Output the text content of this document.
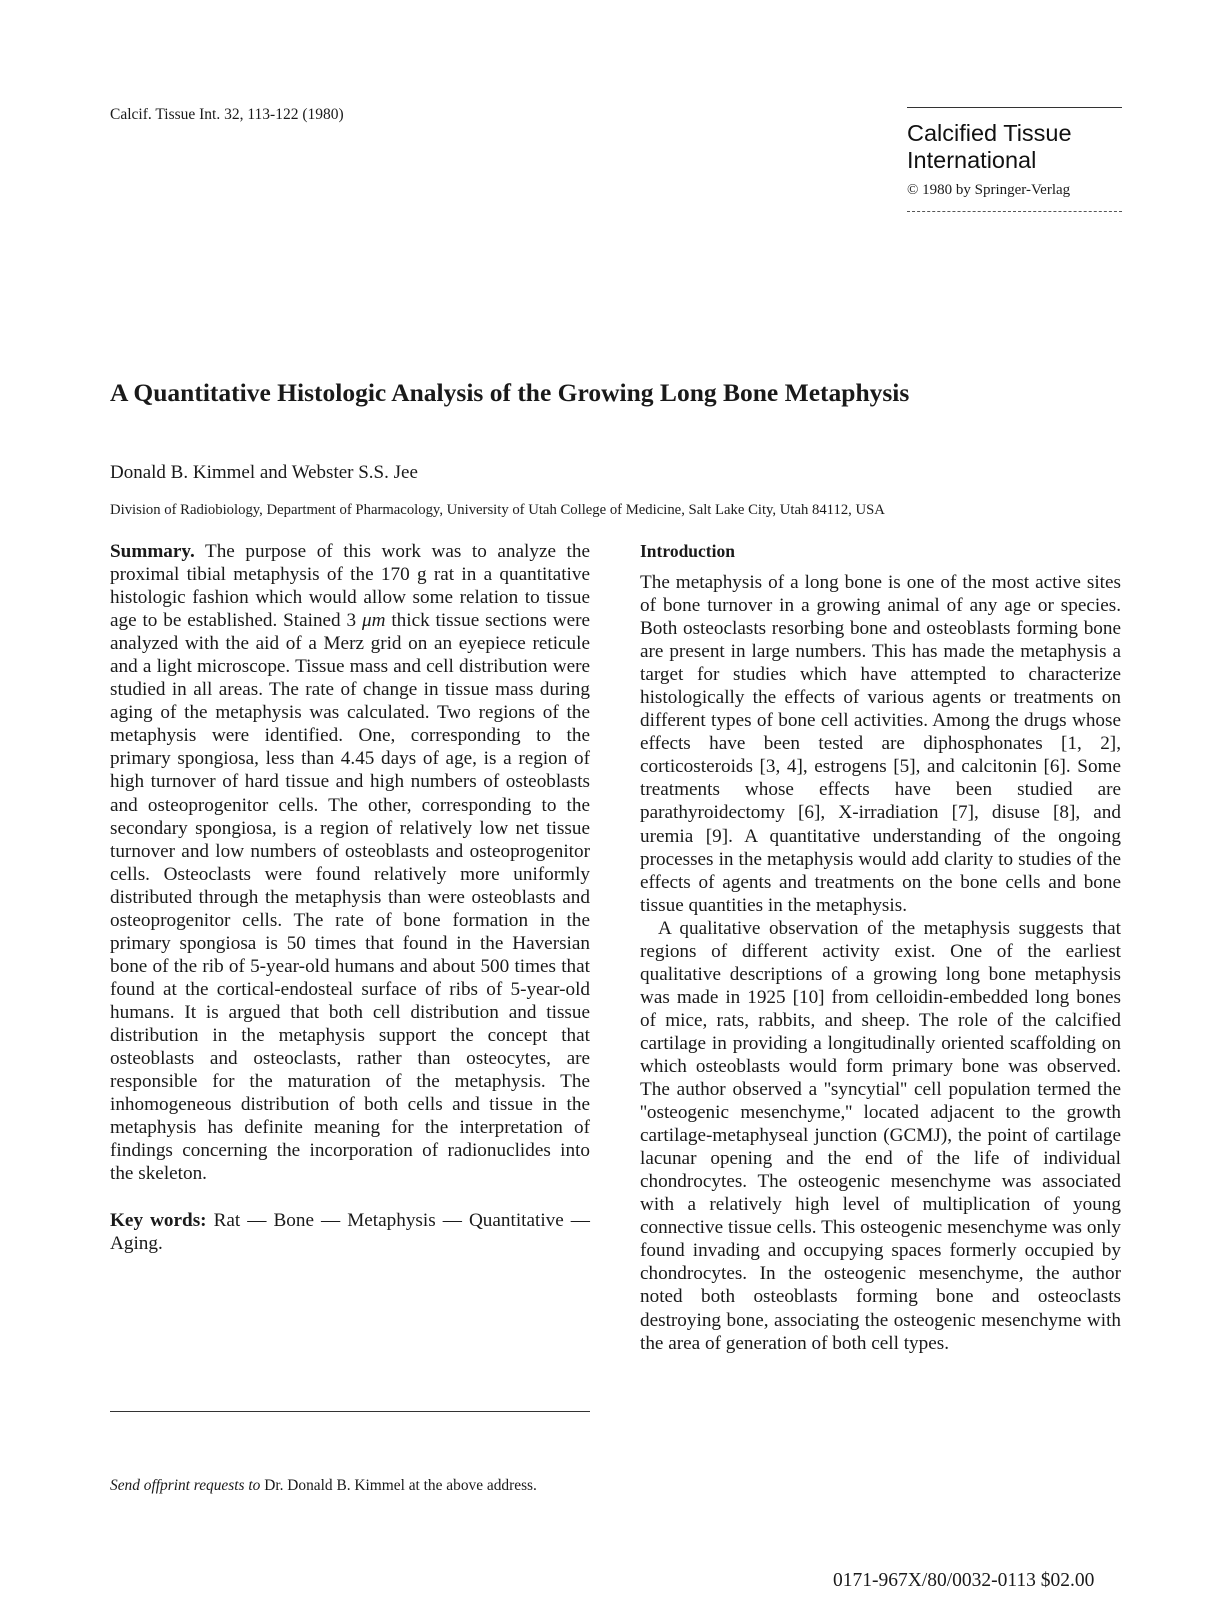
Calcif. Tissue Int. 32, 113-122 (1980)
Calcified Tissue
International
© 1980 by Springer-Verlag
A Quantitative Histologic Analysis of the Growing Long Bone Metaphysis
Donald B. Kimmel and Webster S.S. Jee
Division of Radiobiology, Department of Pharmacology, University of Utah College of Medicine, Salt Lake City, Utah 84112, USA

Summary. The purpose of this work was to analyze the proximal tibial metaphysis of the 170 g rat in a quantitative histologic fashion which would allow some relation to tissue age to be established. Stained 3 μm thick tissue sections were analyzed with the aid of a Merz grid on an eyepiece reticule and a light microscope. Tissue mass and cell distribution were studied in all areas. The rate of change in tissue mass during aging of the metaphysis was calculated. Two regions of the metaphysis were identified. One, corresponding to the primary spongiosa, less than 4.45 days of age, is a region of high turnover of hard tissue and high numbers of osteoblasts and osteoprogenitor cells. The other, corresponding to the secondary spongiosa, is a region of relatively low net tissue turnover and low numbers of osteoblasts and osteoprogenitor cells. Osteoclasts were found relatively more uniformly distributed through the metaphysis than were osteoblasts and osteoprogenitor cells. The rate of bone formation in the primary spongiosa is 50 times that found in the Haversian bone of the rib of 5-year-old humans and about 500 times that found at the cortical-endosteal surface of ribs of 5-year-old humans. It is argued that both cell distribution and tissue distribution in the metaphysis support the concept that osteoblasts and osteoclasts, rather than osteocytes, are responsible for the maturation of the metaphysis. The inhomogeneous distribution of both cells and tissue in the metaphysis has definite meaning for the interpretation of findings concerning the incorporation of radionuclides into the skeleton.

Key words: Rat — Bone — Metaphysis — Quantitative — Aging.

Send offprint requests to Dr. Donald B. Kimmel at the above address.
Introduction

The metaphysis of a long bone is one of the most active sites of bone turnover in a growing animal of any age or species. Both osteoclasts resorbing bone and osteoblasts forming bone are present in large numbers. This has made the metaphysis a target for studies which have attempted to characterize histologically the effects of various agents or treatments on different types of bone cell activities. Among the drugs whose effects have been tested are diphosphonates [1, 2], corticosteroids [3, 4], estrogens [5], and calcitonin [6]. Some treatments whose effects have been studied are parathyroidectomy [6], X-irradiation [7], disuse [8], and uremia [9]. A quantitative understanding of the ongoing processes in the metaphysis would add clarity to studies of the effects of agents and treatments on the bone cells and bone tissue quantities in the metaphysis.

A qualitative observation of the metaphysis suggests that regions of different activity exist. One of the earliest qualitative descriptions of a growing long bone metaphysis was made in 1925 [10] from celloidin-embedded long bones of mice, rats, rabbits, and sheep. The role of the calcified cartilage in providing a longitudinally oriented scaffolding on which osteoblasts would form primary bone was observed. The author observed a ''syncytial'' cell population termed the ''osteogenic mesenchyme,'' located adjacent to the growth cartilage-metaphyseal junction (GCMJ), the point of cartilage lacunar opening and the end of the life of individual chondrocytes. The osteogenic mesenchyme was associated with a relatively high level of multiplication of young connective tissue cells. This osteogenic mesenchyme was only found invading and occupying spaces formerly occupied by chondrocytes. In the osteogenic mesenchyme, the author noted both osteoblasts forming bone and osteoclasts destroying bone, associating the osteogenic mesenchyme with the area of generation of both cell types.

0171-967X/80/0032-0113 $02.00
